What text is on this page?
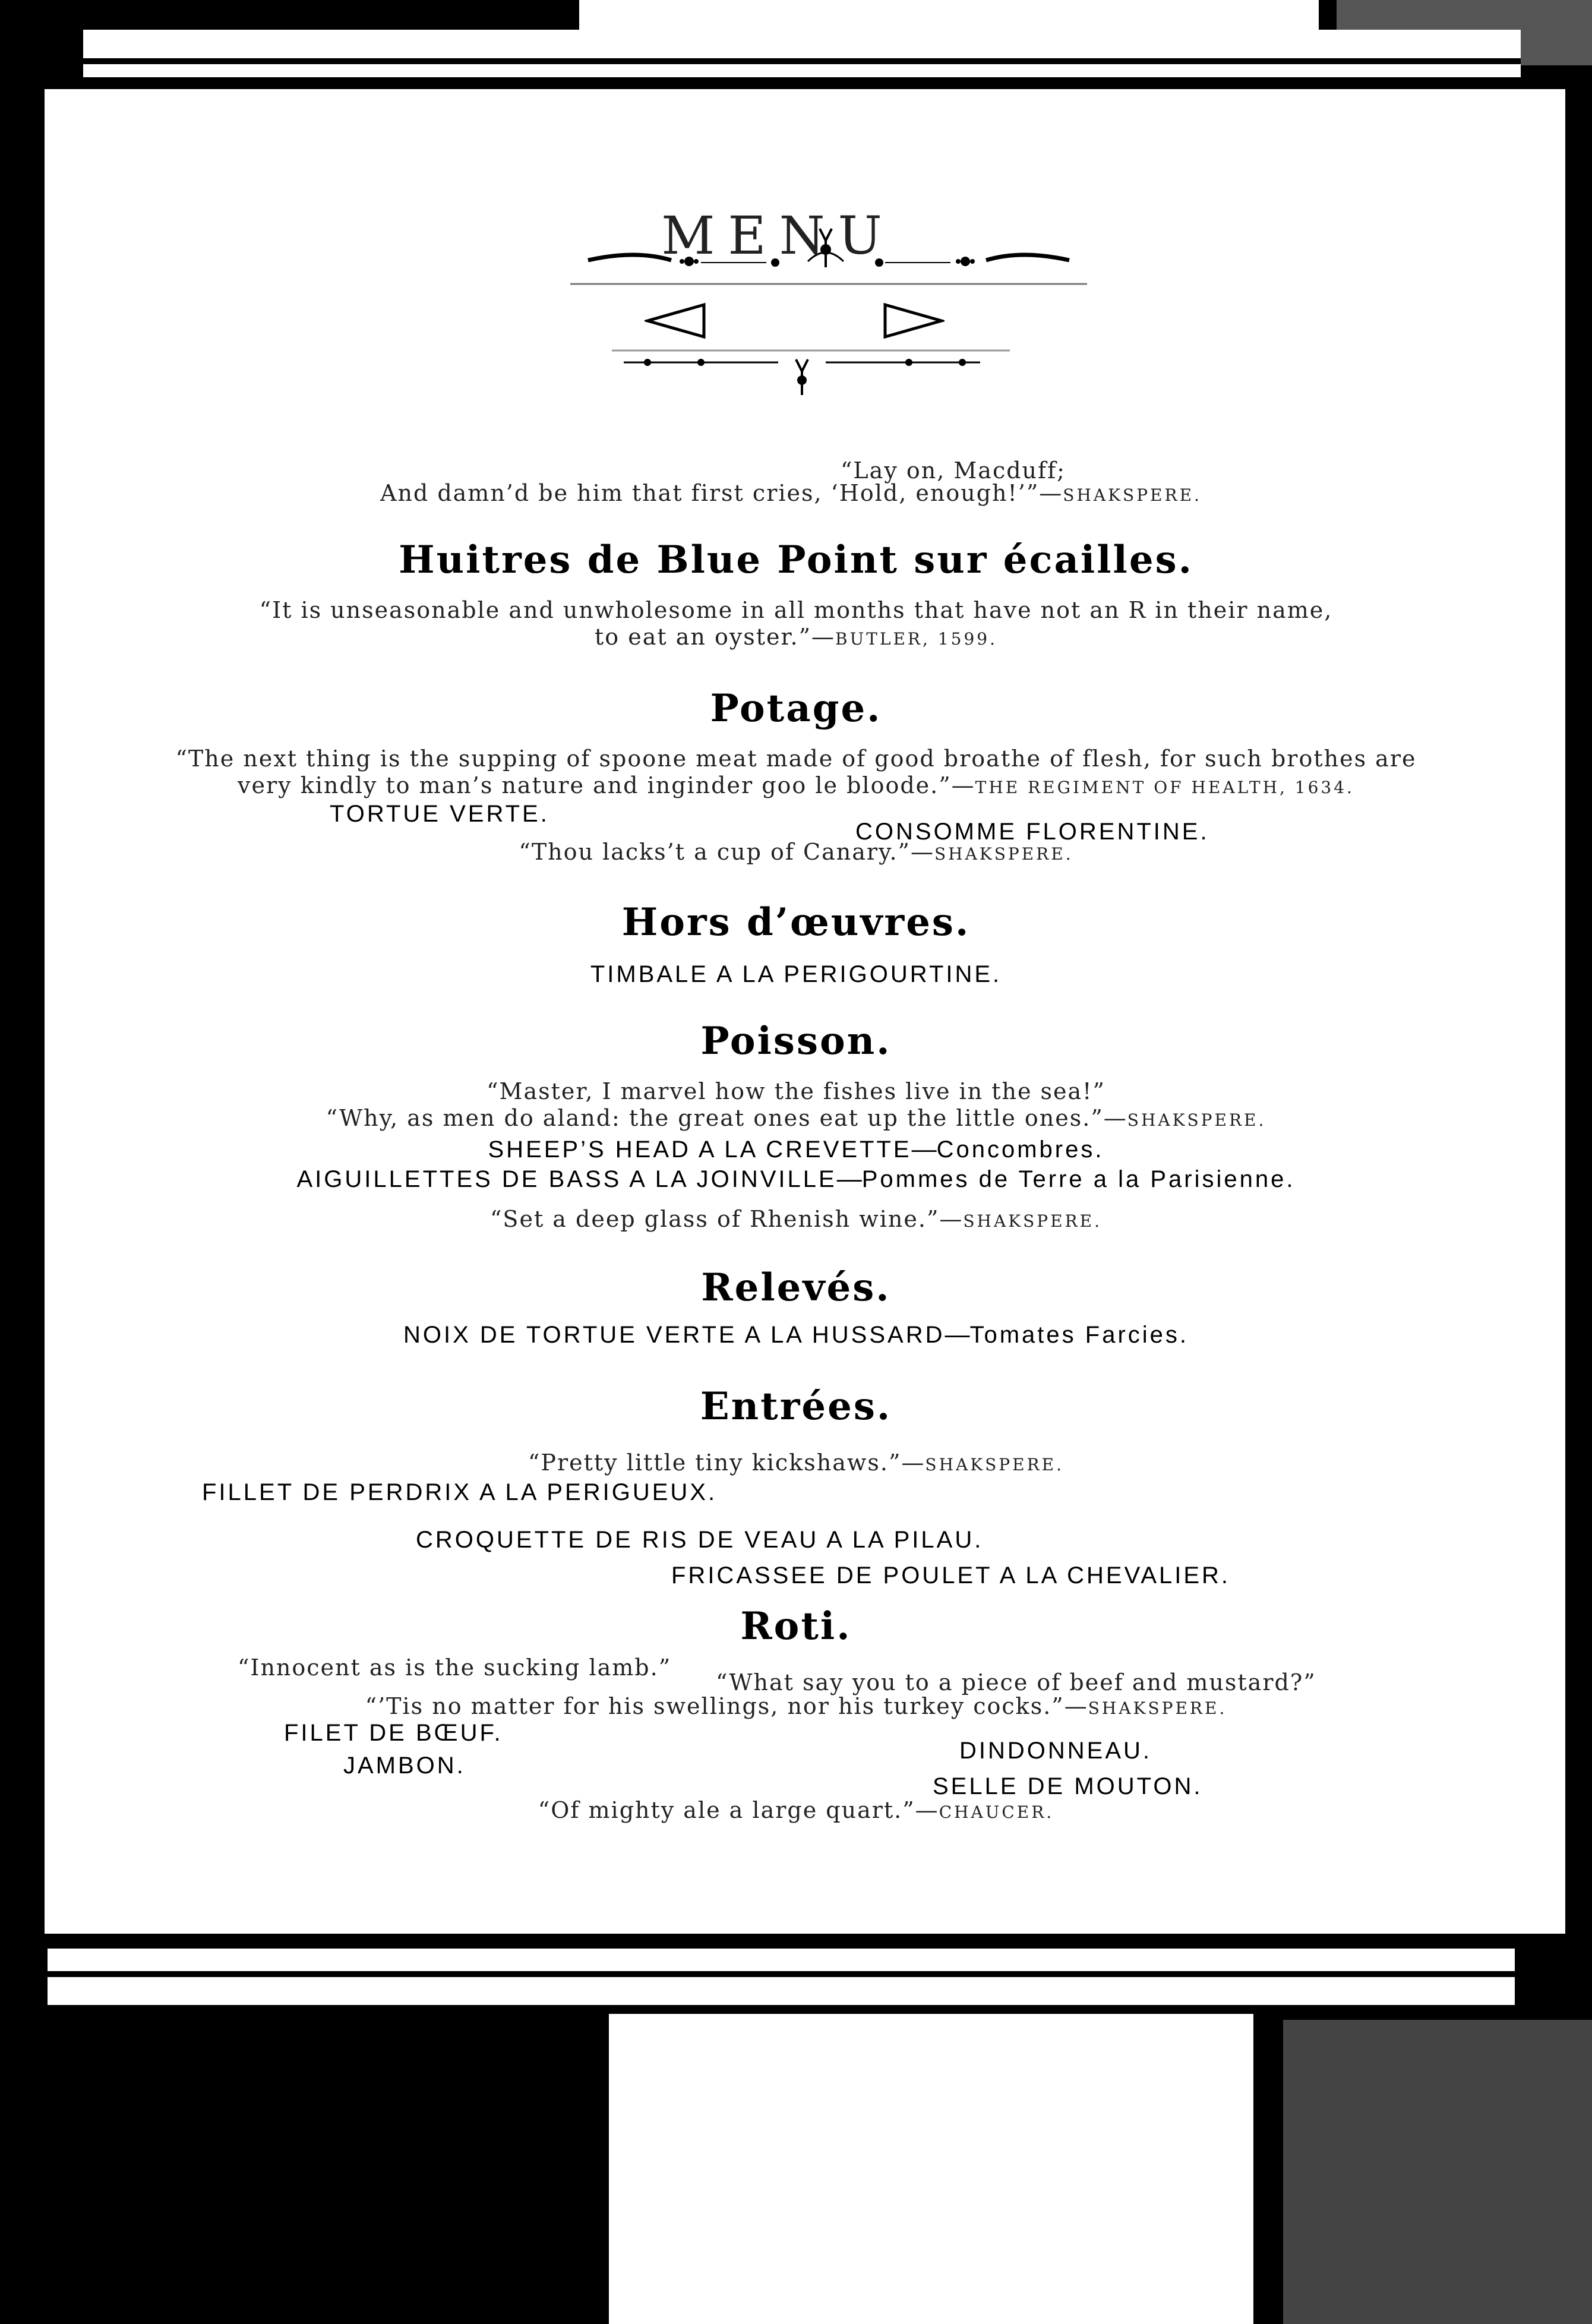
MENU
“Lay on, Macduff;
And damn’d be him that first cries, ‘Hold, enough!’”—SHAKSPERE.
Huitres de Blue Point sur écailles.
“It is unseasonable and unwholesome in all months that have not an R in their name,
to eat an oyster.”—BUTLER, 1599.
Potage.
“The next thing is the supping of spoone meat made of good broathe of flesh, for such brothes are
very kindly to man’s nature and inginder goo le bloode.”—THE REGIMENT OF HEALTH, 1634.
TORTUE VERTE.
CONSOMME FLORENTINE.
“Thou lacks’t a cup of Canary.”—SHAKSPERE.
Hors d’œuvres.
TIMBALE A LA PERIGOURTINE.
Poisson.
“Master, I marvel how the fishes live in the sea!”
“Why, as men do aland: the great ones eat up the little ones.”—SHAKSPERE.
SHEEP’S HEAD A LA CREVETTE—Concombres.
AIGUILLETTES DE BASS A LA JOINVILLE—Pommes de Terre a la Parisienne.
“Set a deep glass of Rhenish wine.”—SHAKSPERE.
Relevés.
NOIX DE TORTUE VERTE A LA HUSSARD—Tomates Farcies.
Entrées.
“Pretty little tiny kickshaws.”—SHAKSPERE.
FILLET DE PERDRIX A LA PERIGUEUX.
CROQUETTE DE RIS DE VEAU A LA PILAU.
FRICASSEE DE POULET A LA CHEVALIER.
Roti.
“Innocent as is the sucking lamb.”
“What say you to a piece of beef and mustard?”
“’Tis no matter for his swellings, nor his turkey cocks.”—SHAKSPERE.
FILET DE BŒUF.
JAMBON.
DINDONNEAU.
SELLE DE MOUTON.
“Of mighty ale a large quart.”—CHAUCER.
